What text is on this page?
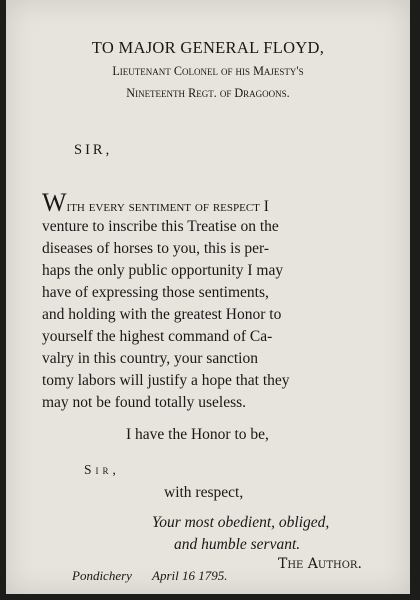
TO MAJOR GENERAL FLOYD,
Lieutenant Colonel of his Majesty's
Nineteenth Regt. of Dragoons.
SIR,
With every sentiment of respect I
venture to inscribe this Treatise on the
diseases of horses to you, this is per-
haps the only public opportunity I may
have of expressing those sentiments,
and holding with the greatest Honor to
yourself the highest command of Ca-
valry in this country, your sanction
tomy labors will justify a hope that they
may not be found totally useless.
I have the Honor to be,
Sir,
with respect,
Your most obedient, obliged,
and humble servant.
The Author.
Pondichery April 16 1795.
